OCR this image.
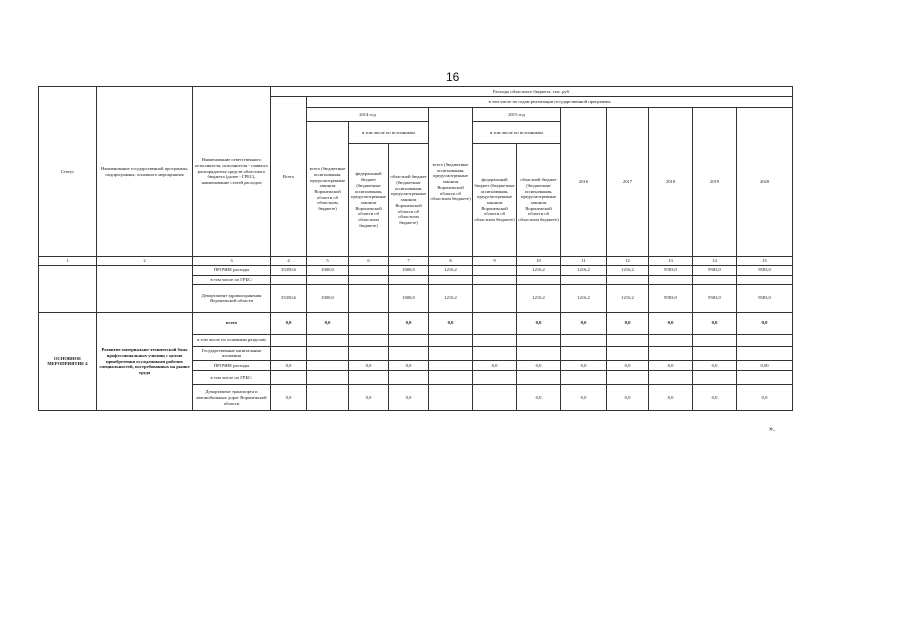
16
Статус	Наименование государственной программы, подпрограммы, основного мероприятия	Наименование ответственного исполнителя, исполнителя - главного распорядителя средств областного бюджета (далее - ГРБС), наименование статей расходов	Расходы областного бюджета, тыс. руб.											
			Всего	в том числе по годам реализации государственной программы										
				2014 год			всего (бюджетные ассигнования, предусмотренные законом Воронежской области об областном бюджете)	2015 год		2016	2017	2018	2019	2020
				всего (бюджетные ассигнования, предусмотренные законом Воронежской области об областном бюджете)	в том числе по источникам			в том числе по источникам						
					федеральный бюджет (бюджетные ассигнования, предусмотренные законом Воронежской области об областном бюджете)	областной бюджет (бюджетные ассигнования, предусмотренные законом Воронежской области об областном бюджете)		федеральный бюджет (бюджетные ассигнования, предусмотренные законом Воронежской области об областном бюджете)	областной бюджет (бюджетные ассигнования, предусмотренные законом Воронежской области об областном бюджете)					
1	2	3	4	5	6	7	8	9	10	11	12	13	14	15
		ПРОЧИЕ расходы	35350,6	1000,0		1000,0	1216,2		1216,2	1216,2	1216,2	9583,0	9583,0	9583,0
		в том числе по ГРБС:												
		Департамент здравоохранения Воронежской области	35350,6	1000,0		1000,0	1216,2		1216,2	1216,2	1216,2	9583,0	9583,0	9583,0
ОСНОВНОЕ МЕРОПРИЯТИЕ 4	Развитие материально-технической базы профессиональных училищ с целью приобретения осужденными рабочих специальностей, востребованных на рынке труда	всего	0,0	0,0		0,0	0,0		0,0	0,0	0,0	0,0	0,0	0,0
		в том числе по основным разделам												
		Государственные капитальные вложения												
		ПРОЧИЕ расходы	0,0		0,0	0,0		0,0	0,0	0,0	0,0	0,0	0,0	0,00
		в том числе по ГРБС:												
		Департамент транспорта и автомобильных дорог Воронежской области	0,0		0,0	0,0			0,0	0,0	0,0	0,0	0,0	0,0
».
